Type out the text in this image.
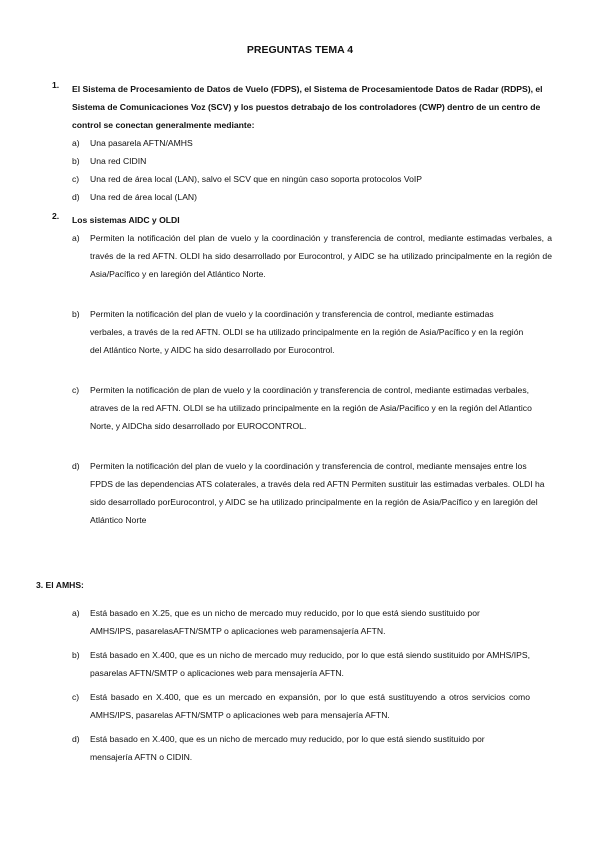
PREGUNTAS TEMA 4
1. El Sistema de Procesamiento de Datos de Vuelo (FDPS), el Sistema de Procesamientode Datos de Radar (RDPS), el Sistema de Comunicaciones Voz (SCV) y los puestos detrabajo de los controladores (CWP) dentro de un centro de control se conectan generalmente mediante:
a) Una pasarela AFTN/AMHS
b) Una red CIDIN
c) Una red de área local (LAN), salvo el SCV que en ningún caso soporta protocolos VoIP
d) Una red de área local (LAN)
2. Los sistemas AIDC y OLDI
a) Permiten la notificación del plan de vuelo y la coordinación y transferencia de control, mediante estimadas verbales, a través de la red AFTN. OLDI ha sido desarrollado por Eurocontrol, y AIDC se ha utilizado principalmente en la región de Asia/Pacífico y en laregión del Atlántico Norte.
b) Permiten la notificación del plan de vuelo y la coordinación y transferencia de control, mediante estimadas verbales, a través de la red AFTN. OLDI se ha utilizado principalmente en la región de Asia/Pacífico y en la región del Atlántico Norte, y AIDC ha sido desarrollado por Eurocontrol.
c) Permiten la notificación de plan de vuelo y la coordinación y transferencia de control, mediante estimadas verbales, atraves de la red AFTN. OLDI se ha utilizado principalmente en la región de Asia/Pacifico y en la región del Atlantico Norte, y AIDCha sido desarrollado por EUROCONTROL.
d) Permiten la notificación del plan de vuelo y la coordinación y transferencia de control, mediante mensajes entre los FPDS de las dependencias ATS colaterales, a través dela red AFTN Permiten sustituir las estimadas verbales. OLDI ha sido desarrollado porEurocontrol, y AIDC se ha utilizado principalmente en la región de Asia/Pacífico y en laregión del Atlántico Norte
3. El AMHS:
a) Está basado en X.25, que es un nicho de mercado muy reducido, por lo que está siendo sustituido por AMHS/IPS, pasarelasAFTN/SMTP o aplicaciones web paramensajería AFTN.
b) Está basado en X.400, que es un nicho de mercado muy reducido, por lo que está siendo sustituido por AMHS/IPS, pasarelas AFTN/SMTP o aplicaciones web para mensajería AFTN.
c) Está basado en X.400, que es un mercado en expansión, por lo que está sustituyendo a otros servicios como AMHS/IPS, pasarelas AFTN/SMTP o aplicaciones web para mensajería AFTN.
d) Está basado en X.400, que es un nicho de mercado muy reducido, por lo que está siendo sustituido por mensajería AFTN o CIDIN.
